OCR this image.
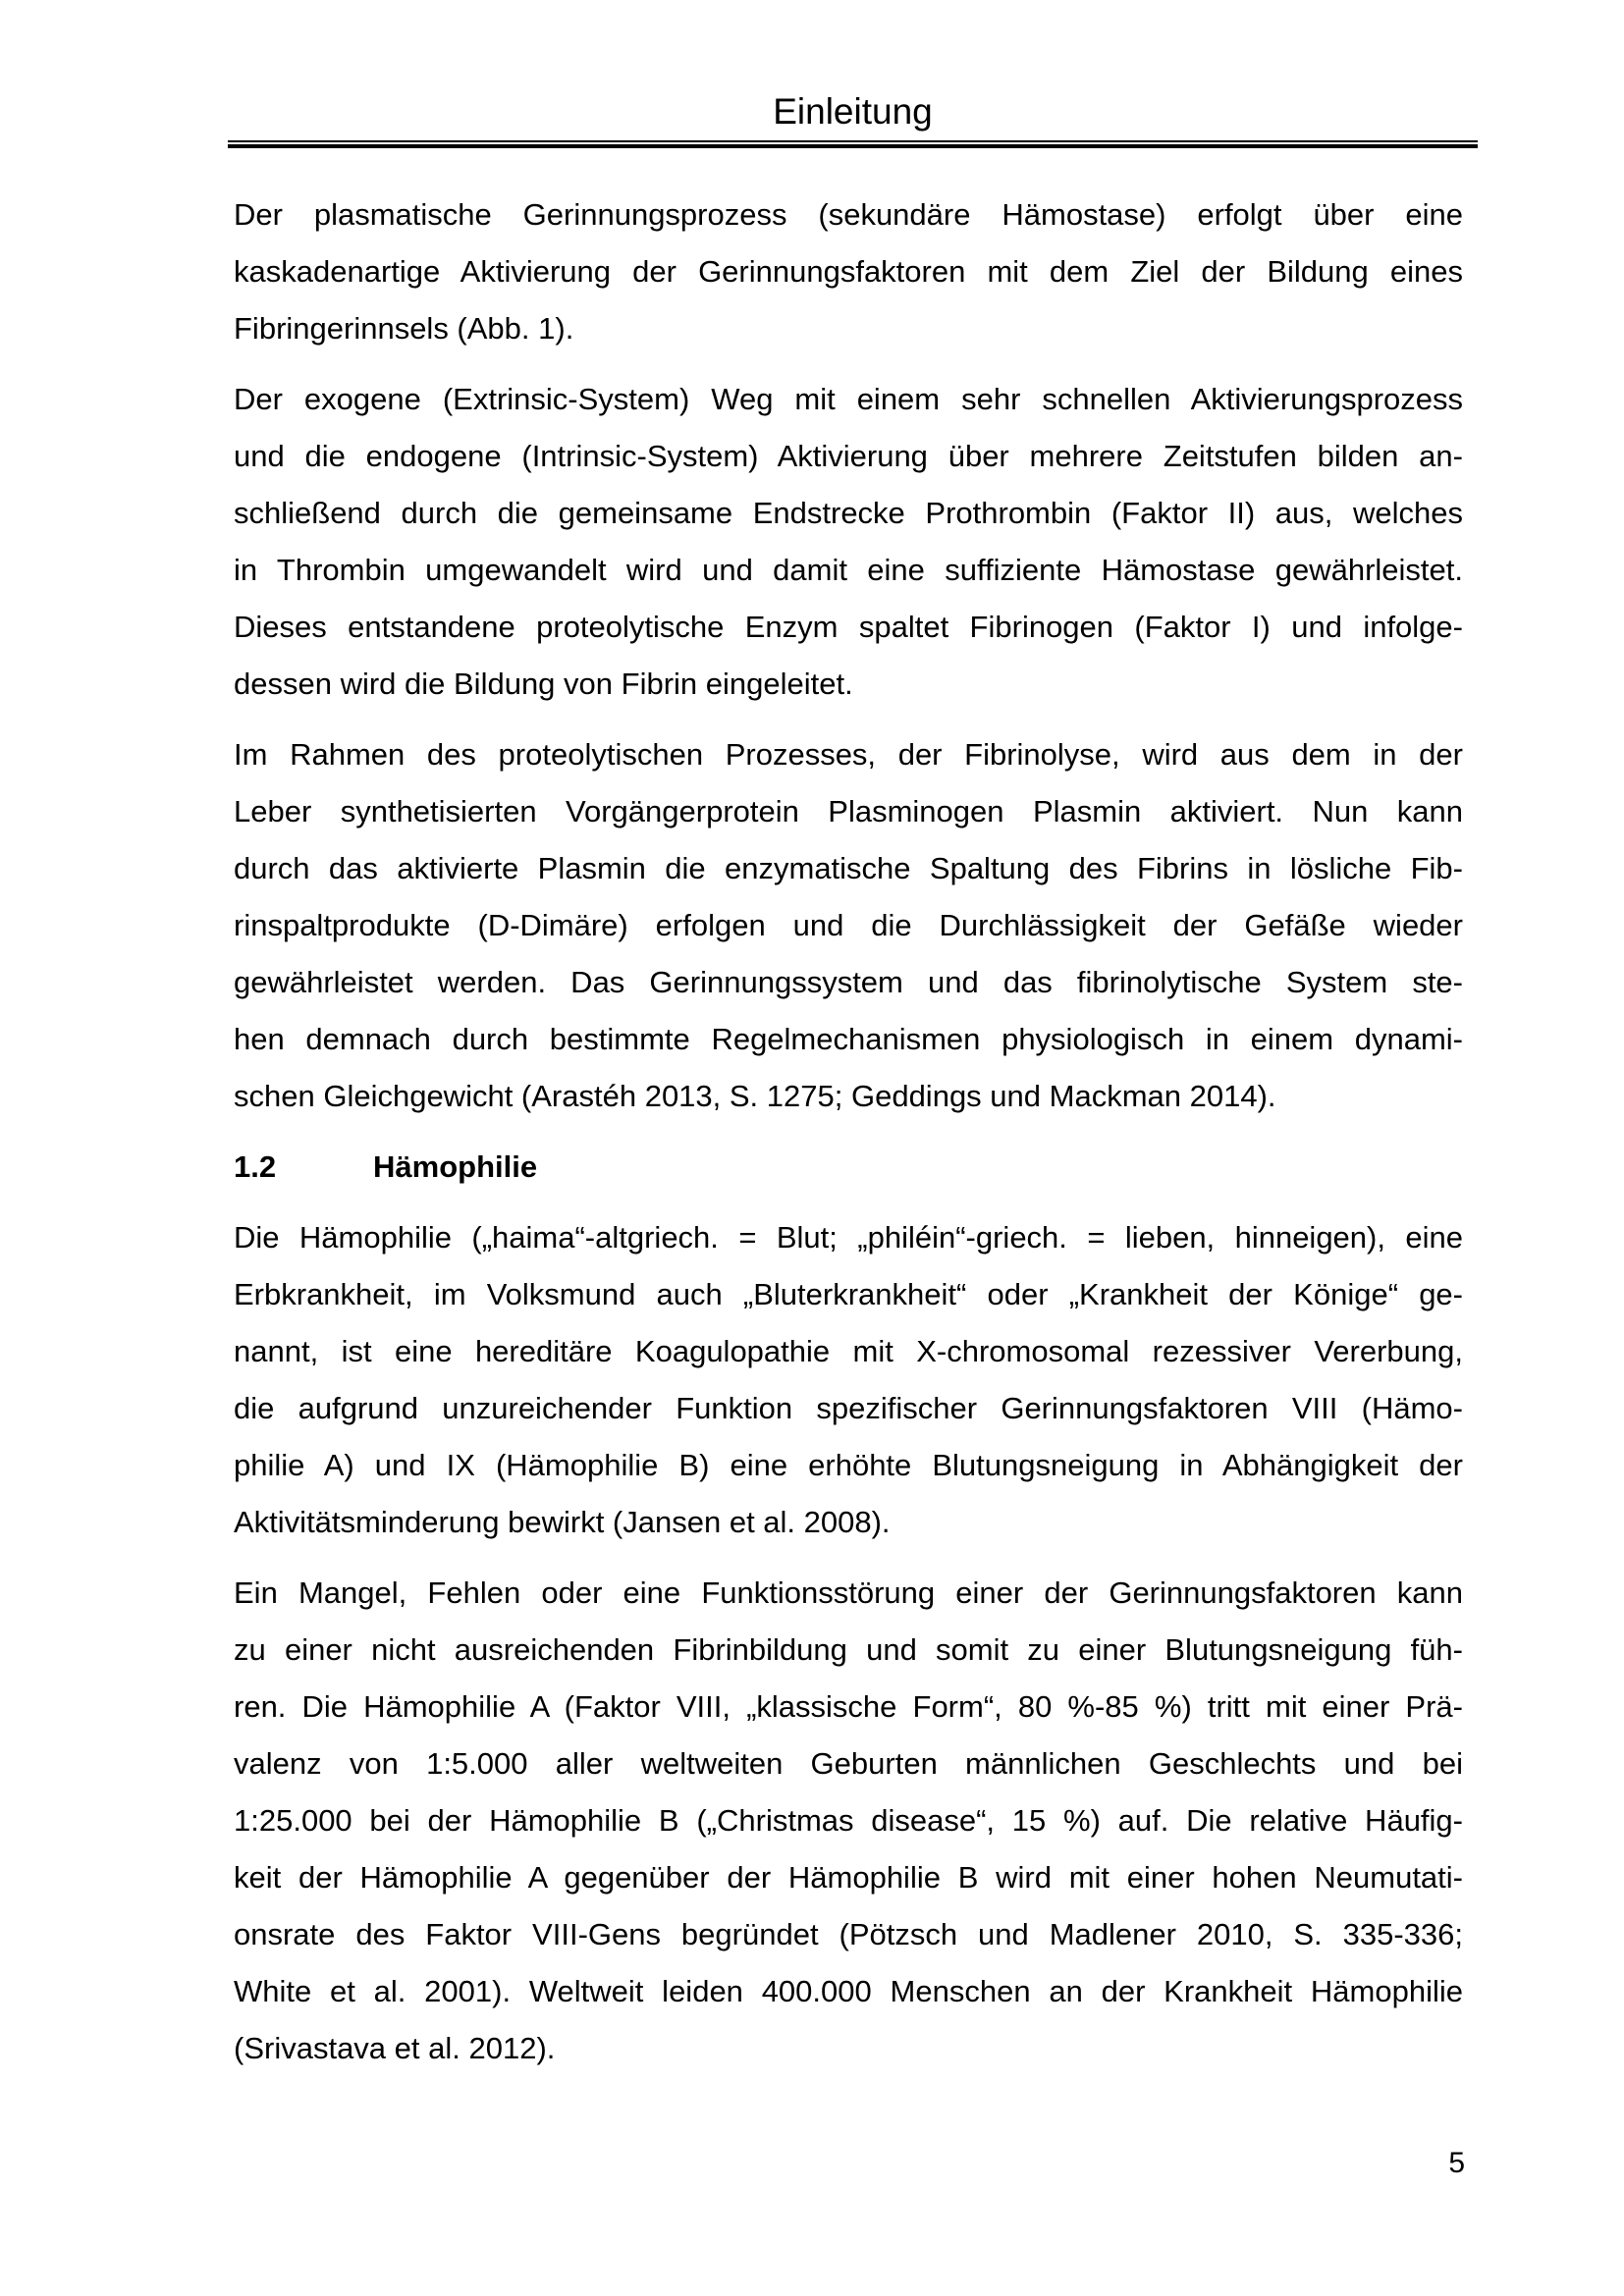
Einleitung

Der plasmatische Gerinnungsprozess (sekundäre Hämostase) erfolgt über eine
kaskadenartige Aktivierung der Gerinnungsfaktoren mit dem Ziel der Bildung eines
Fibringerinnsels (Abb. 1).

Der exogene (Extrinsic-System) Weg mit einem sehr schnellen Aktivierungsprozess
und die endogene (Intrinsic-System) Aktivierung über mehrere Zeitstufen bilden an-
schließend durch die gemeinsame Endstrecke Prothrombin (Faktor II) aus, welches
in Thrombin umgewandelt wird und damit eine suffiziente Hämostase gewährleistet.
Dieses entstandene proteolytische Enzym spaltet Fibrinogen (Faktor I) und infolge-
dessen wird die Bildung von Fibrin eingeleitet.

Im Rahmen des proteolytischen Prozesses, der Fibrinolyse, wird aus dem in der
Leber synthetisierten Vorgängerprotein Plasminogen Plasmin aktiviert. Nun kann
durch das aktivierte Plasmin die enzymatische Spaltung des Fibrins in lösliche Fib-
rinspaltprodukte (D-Dimäre) erfolgen und die Durchlässigkeit der Gefäße wieder
gewährleistet werden. Das Gerinnungssystem und das fibrinolytische System ste-
hen demnach durch bestimmte Regelmechanismen physiologisch in einem dynami-
schen Gleichgewicht (Arastéh 2013, S. 1275; Geddings und Mackman 2014).

1.2	Hämophilie

Die Hämophilie („haima“-altgriech. = Blut; „philéin“-griech. = lieben, hinneigen), eine
Erbkrankheit, im Volksmund auch „Bluterkrankheit“ oder „Krankheit der Könige“ ge-
nannt, ist eine hereditäre Koagulopathie mit X-chromosomal rezessiver Vererbung,
die aufgrund unzureichender Funktion spezifischer Gerinnungsfaktoren VIII (Hämo-
philie A) und IX (Hämophilie B) eine erhöhte Blutungsneigung in Abhängigkeit der
Aktivitätsminderung bewirkt (Jansen et al. 2008).

Ein Mangel, Fehlen oder eine Funktionsstörung einer der Gerinnungsfaktoren kann
zu einer nicht ausreichenden Fibrinbildung und somit zu einer Blutungsneigung füh-
ren. Die Hämophilie A (Faktor VIII, „klassische Form“, 80 %-85 %) tritt mit einer Prä-
valenz von 1:5.000 aller weltweiten Geburten männlichen Geschlechts und bei
1:25.000 bei der Hämophilie B („Christmas disease“, 15 %) auf. Die relative Häufig-
keit der Hämophilie A gegenüber der Hämophilie B wird mit einer hohen Neumutati-
onsrate des Faktor VIII-Gens begründet (Pötzsch und Madlener 2010, S. 335-336;
White et al. 2001). Weltweit leiden 400.000 Menschen an der Krankheit Hämophilie
(Srivastava et al. 2012).

5
